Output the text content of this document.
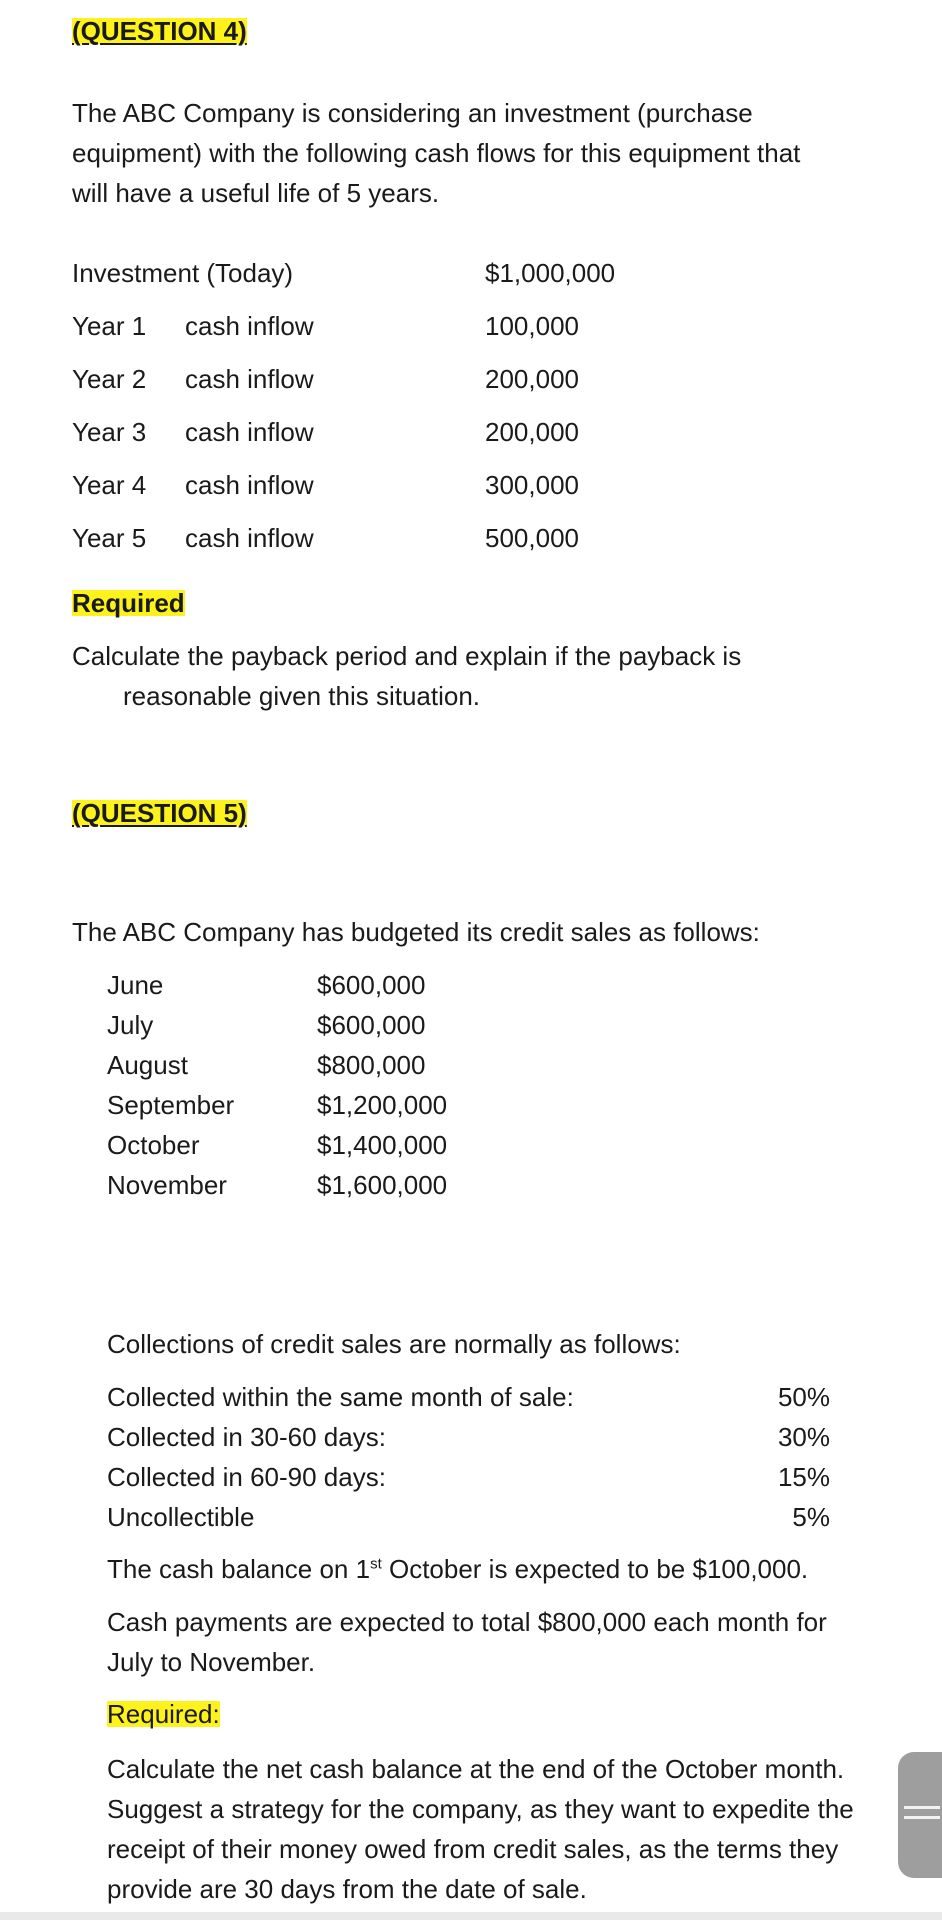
(QUESTION 4)
The ABC Company is considering an investment (purchase
equipment) with the following cash flows for this equipment that
will have a useful life of 5 years.
Investment (Today)	$1,000,000
Year 1 cash inflow	100,000
Year 2 cash inflow	200,000
Year 3 cash inflow	200,000
Year 4 cash inflow	300,000
Year 5 cash inflow	500,000
Required
Calculate the payback period and explain if the payback is
reasonable given this situation.
(QUESTION 5)
The ABC Company has budgeted its credit sales as follows:
June	$600,000
July	$600,000
August	$800,000
September	$1,200,000
October	$1,400,000
November	$1,600,000
Collections of credit sales are normally as follows:
Collected within the same month of sale:	50%
Collected in 30-60 days:	30%
Collected in 60-90 days:	15%
Uncollectible	5%
The cash balance on 1st October is expected to be $100,000.
Cash payments are expected to total $800,000 each month for
July to November.
Required:
Calculate the net cash balance at the end of the October month.
Suggest a strategy for the company, as they want to expedite the
receipt of their money owed from credit sales, as the terms they
provide are 30 days from the date of sale.
